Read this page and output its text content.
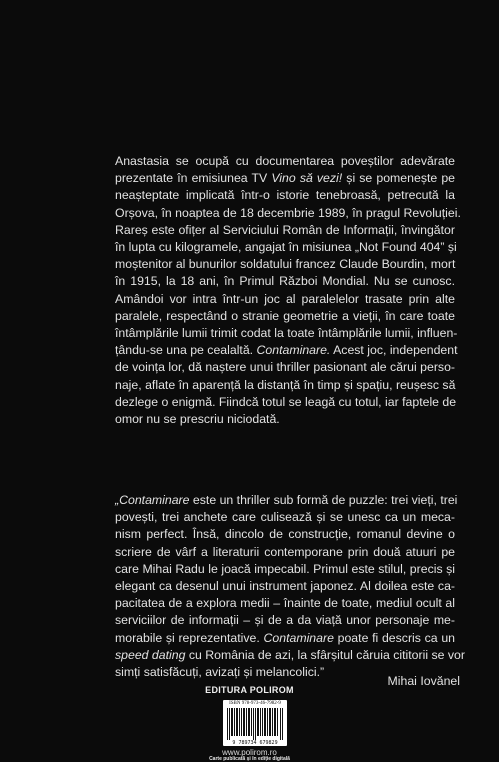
Anastasia se ocupă cu documentarea poveștilor adevărate
prezentate în emisiunea TV Vino să vezi! și se pomenește pe
neașteptate implicată într-o istorie tenebroasă, petrecută la
Orșova, în noaptea de 18 decembrie 1989, în pragul Revoluției.
Rareș este ofițer al Serviciului Român de Informații, învingător
în lupta cu kilogramele, angajat în misiunea „Not Found 404” și
moștenitor al bunurilor soldatului francez Claude Bourdin, mort
în 1915, la 18 ani, în Primul Război Mondial. Nu se cunosc.
Amândoi vor intra într-un joc al paralelelor trasate prin alte
paralele, respectând o stranie geometrie a vieții, în care toate
întâmplările lumii trimit codat la toate întâmplările lumii, influen-
țându-se una pe cealaltă. Contaminare. Acest joc, independent
de voința lor, dă naștere unui thriller pasionant ale cărui perso-
naje, aflate în aparență la distanță în timp și spațiu, reușesc să
dezlege o enigmă. Fiindcă totul se leagă cu totul, iar faptele de
omor nu se prescriu niciodată.
„Contaminare este un thriller sub formă de puzzle: trei vieți, trei
povești, trei anchete care culisează și se unesc ca un meca-
nism perfect. Însă, dincolo de construcție, romanul devine o
scriere de vârf a literaturii contemporane prin două atuuri pe
care Mihai Radu le joacă impecabil. Primul este stilul, precis și
elegant ca desenul unui instrument japonez. Al doilea este ca-
pacitatea de a explora medii – înainte de toate, mediul ocult al
serviciilor de informații – și de a da viață unor personaje me-
morabile și reprezentative. Contaminare poate fi descris ca un
speed dating cu România de azi, la sfârșitul căruia cititorii se vor
simți satisfăcuți, avizați și melancolici.”
Mihai Iovănel
EDITURA POLIROM
ISBN 978-973-46-7982-9
9 789734 679829
www.polirom.ro
Carte publicată și în ediție digitală
